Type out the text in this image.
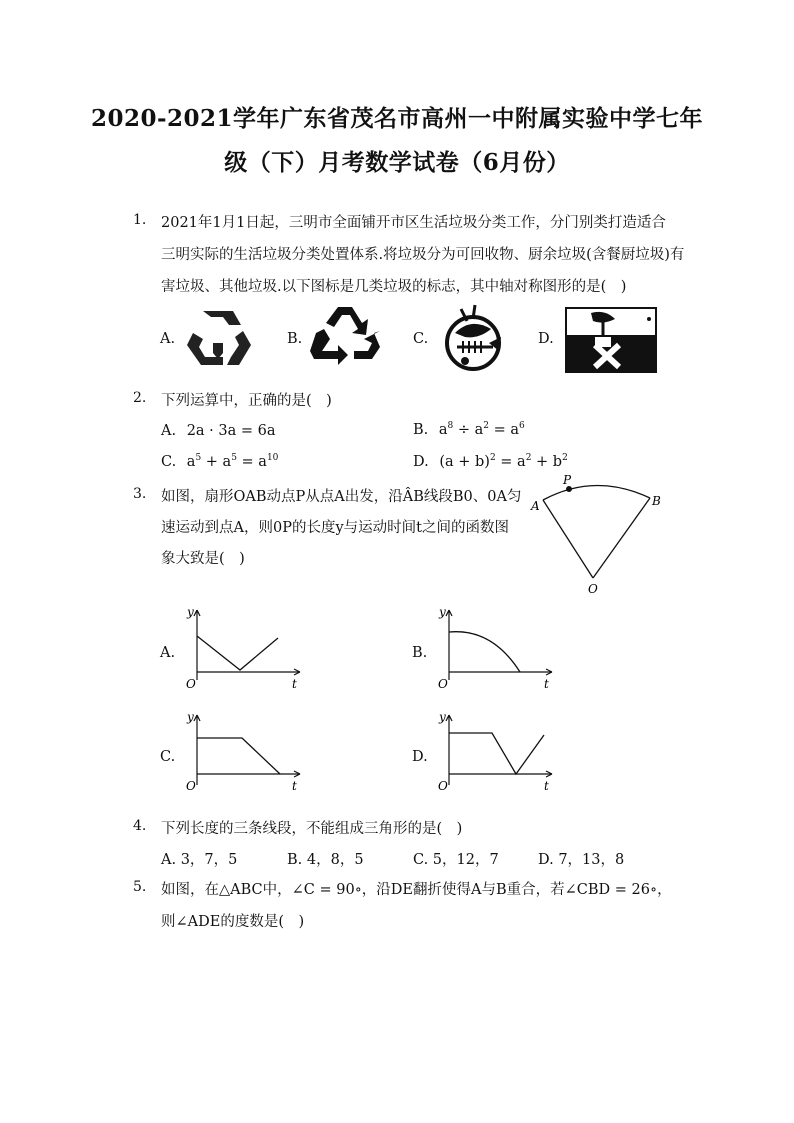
2020-2021学年广东省茂名市高州一中附属实验中学七年
级（下）月考数学试卷（6月份）
1. 2021年1月1日起，三明市全面铺开市区生活垃圾分类工作，分门别类打造适合
三明实际的生活垃圾分类处置体系.将垃圾分为可回收物、厨余垃圾(含餐厨垃圾)有
害垃圾、其他垃圾.以下图标是几类垃圾的标志，其中轴对称图形的是(　)
A.	B.	C.	D.
2. 下列运算中，正确的是(　)
A. 2a · 3a = 6a	B. $a^8 \div a^2 = a^6$
C. $a^5 + a^5 = a^{10}$	D. $(a + b)^2 = a^2 + b^2$
3. 如图，扇形OAB动点P从点A出发，沿ÂB线段B0、0A匀
速运动到点A，则0P的长度y与运动时间t之间的函数图
象大致是(　)
P
A	B
O
A.
y
t
O
B.
y
t
O
C.
y
t
O
D.
y
t
O
4. 下列长度的三条线段，不能组成三角形的是(　)
A. 3，7，5	B. 4，8，5	C. 5，12，7	D. 7，13，8
5. 如图，在△ABC中，∠C = 90∘，沿DE翻折使得A与B重合，若∠CBD = 26∘，
则∠ADE的度数是(　)
